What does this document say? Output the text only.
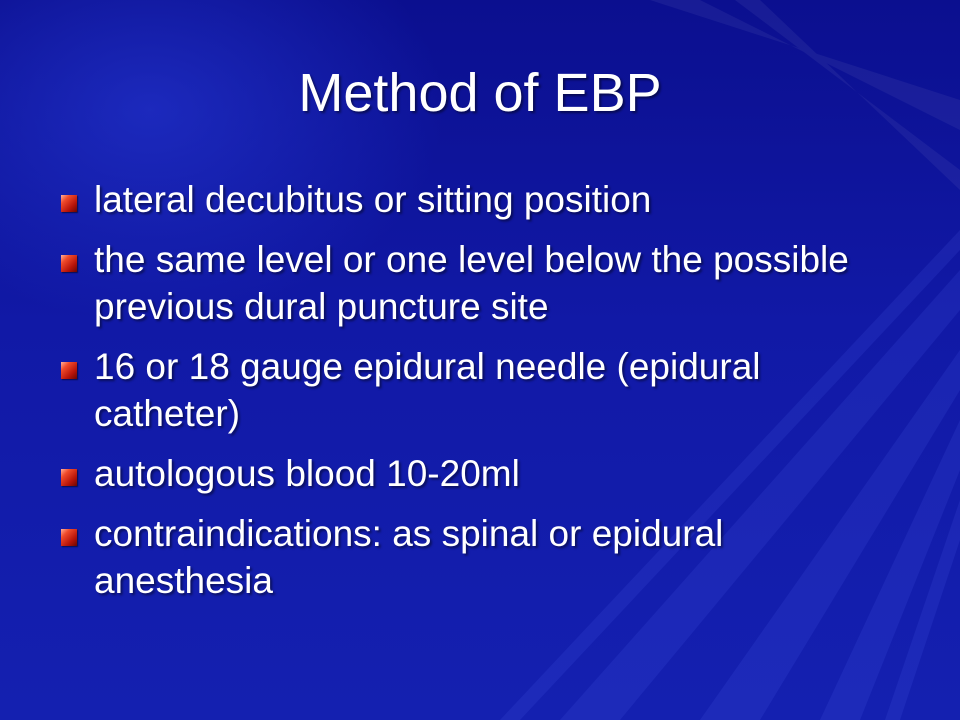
Method of EBP
lateral decubitus or sitting position
the same level or one level below the possible previous dural puncture site
16 or 18 gauge epidural needle (epidural catheter)
autologous blood 10-20ml
contraindications: as spinal or epidural anesthesia
